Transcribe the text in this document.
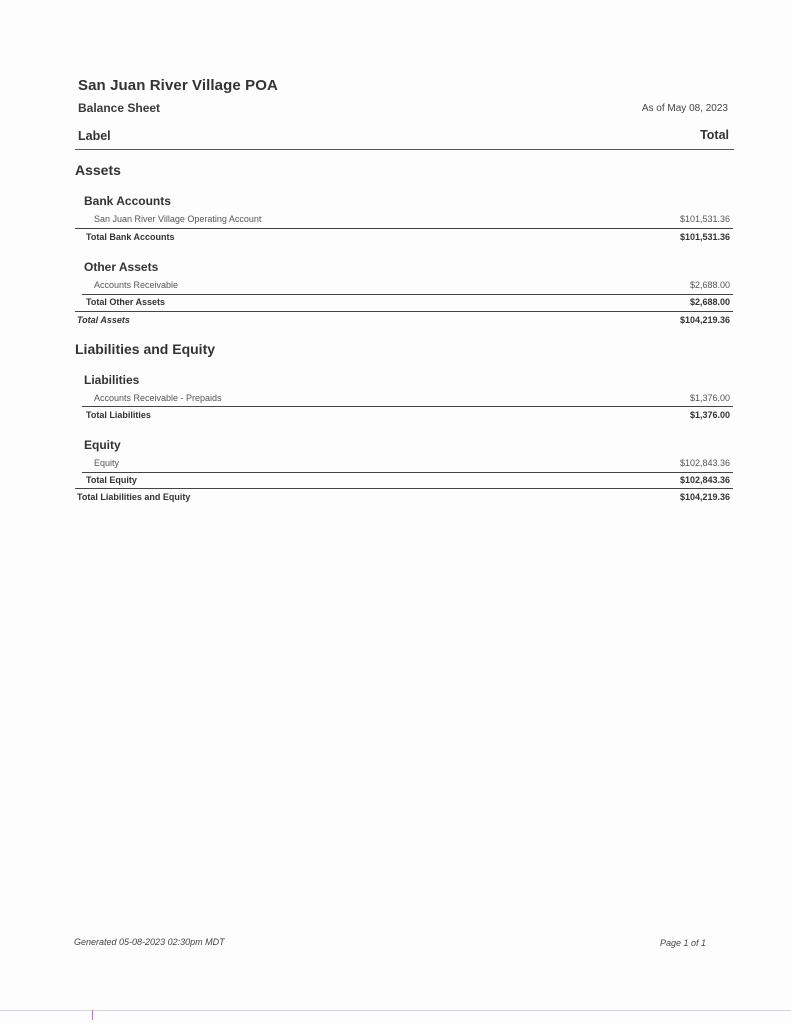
San Juan River Village POA
Balance Sheet	As of May 08, 2023
Label	Total
Assets
Bank Accounts
San Juan River Village Operating Account	$101,531.36
Total Bank Accounts	$101,531.36
Other Assets
Accounts Receivable	$2,688.00
Total Other Assets	$2,688.00
Total Assets	$104,219.36
Liabilities and Equity
Liabilities
Accounts Receivable - Prepaids	$1,376.00
Total Liabilities	$1,376.00
Equity
Equity	$102,843.36
Total Equity	$102,843.36
Total Liabilities and Equity	$104,219.36
Generated 05-08-2023 02:30pm MDT	Page 1 of 1
